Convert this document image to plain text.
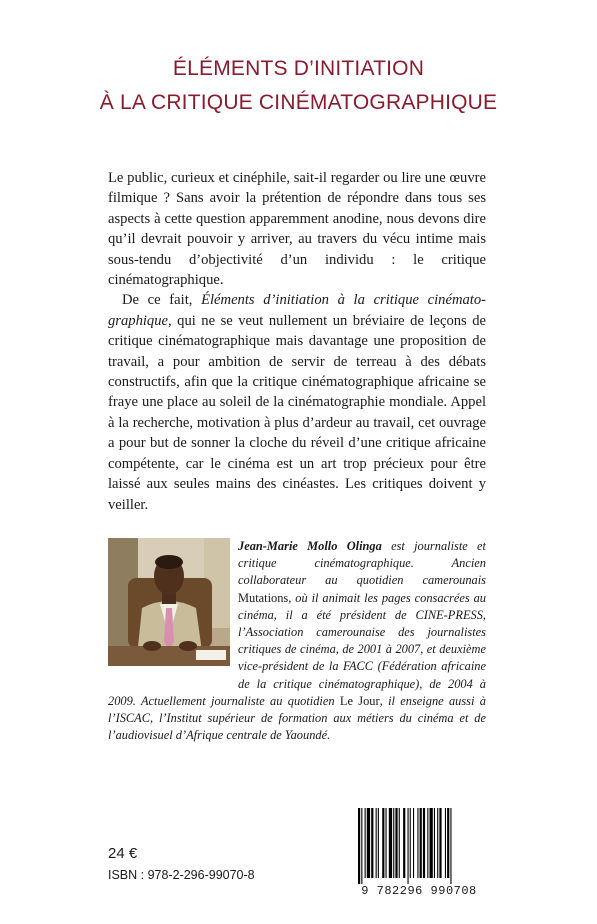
ÉLÉMENTS D’INITIATION
À LA CRITIQUE CINÉMATOGRAPHIQUE

Le public, curieux et cinéphile, sait-il regarder ou lire une œuvre filmique ? Sans avoir la prétention de répondre dans tous ses aspects à cette question apparemment anodine, nous devons dire qu’il devrait pouvoir y arriver, au travers du vécu intime mais sous-tendu d’objectivité d’un individu : le critique cinématographique.

De ce fait, Éléments d’initiation à la critique cinémato-graphique, qui ne se veut nullement un bréviaire de leçons de critique cinématographique mais davantage une proposition de travail, a pour ambition de servir de terreau à des débats constructifs, afin que la critique cinématographique africaine se fraye une place au soleil de la cinématographie mondiale. Appel à la recherche, motivation à plus d’ardeur au travail, cet ouvrage a pour but de sonner la cloche du réveil d’une critique africaine compétente, car le cinéma est un art trop précieux pour être laissé aux seules mains des cinéastes. Les critiques doivent y veiller.

Jean-Marie Mollo Olinga est journaliste et critique cinématographique. Ancien collaborateur au quotidien camerounais Mutations, où il animait les pages consacrées au cinéma, il a été président de CINE-PRESS, l’Association camerounaise des journalistes critiques de cinéma, de 2001 à 2007, et deuxième vice-président de la FACC (Fédération africaine de la critique cinématographique), de 2004 à 2009. Actuellement journaliste au quotidien Le Jour, il enseigne aussi à l’ISCAC, l’Institut supérieur de formation aux métiers du cinéma et de l’audiovisuel d’Afrique centrale de Yaoundé.
24 €
ISBN : 978-2-296-99070-8
9 782296 990708
